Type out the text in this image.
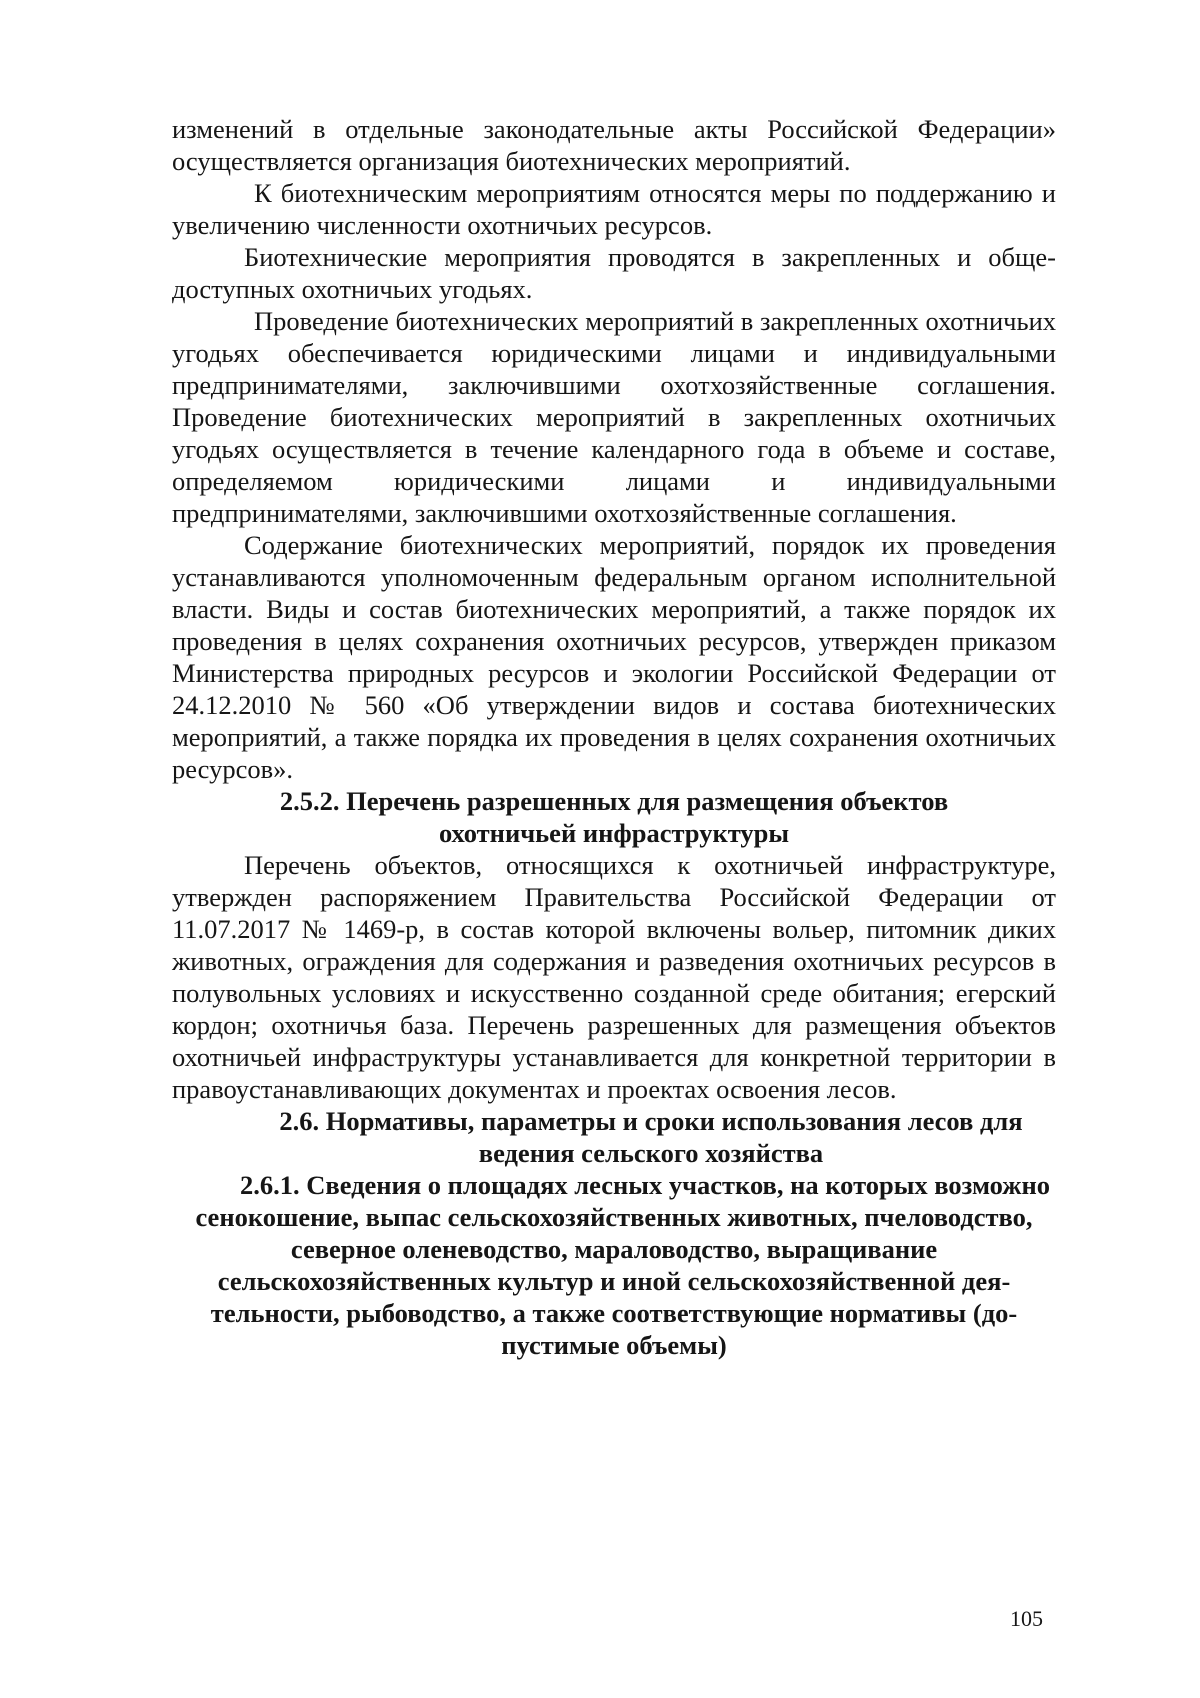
изменений в отдельные законодательные акты Российской Федерации» осуществляется организация биотехнических мероприятий.

К биотехническим мероприятиям относятся меры по поддержанию и увеличению численности охотничьих ресурсов.

Биотехнические мероприятия проводятся в закрепленных и общедоступных охотничьих угодьях.

Проведение биотехнических мероприятий в закрепленных охотничьих угодьях обеспечивается юридическими лицами и индивидуальными предпринимателями, заключившими охотхозяйственные соглашения. Проведение биотехнических мероприятий в закрепленных охотничьих угодьях осуществляется в течение календарного года в объеме и составе, определяемом юридическими лицами и индивидуальными предпринимателями, заключившими охотхозяйственные соглашения.

Содержание биотехнических мероприятий, порядок их проведения устанавливаются уполномоченным федеральным органом исполнительной власти. Виды и состав биотехнических мероприятий, а также порядок их проведения в целях сохранения охотничьих ресурсов, утвержден приказом Министерства природных ресурсов и экологии Российской Федерации от 24.12.2010 № 560 «Об утверждении видов и состава биотехнических мероприятий, а также порядка их проведения в целях сохранения охотничьих ресурсов».

2.5.2. Перечень разрешенных для размещения объектов охотничьей инфраструктуры

Перечень объектов, относящихся к охотничьей инфраструктуре, утвержден распоряжением Правительства Российской Федерации от 11.07.2017 № 1469-р, в состав которой включены вольер, питомник диких животных, ограждения для содержания и разведения охотничьих ресурсов в полувольных условиях и искусственно созданной среде обитания; егерский кордон; охотничья база. Перечень разрешенных для размещения объектов охотничьей инфраструктуры устанавливается для конкретной территории в правоустанавливающих документах и проектах освоения лесов.

2.6. Нормативы, параметры и сроки использования лесов для ведения сельского хозяйства
2.6.1. Сведения о площадях лесных участков, на которых возможно сенокошение, выпас сельскохозяйственных животных, пчеловодство, северное оленеводство, мараловодство, выращивание сельскохозяйственных культур и иной сельскохозяйственной деятельности, рыбоводство, а также соответствующие нормативы (допустимые объемы)
105
